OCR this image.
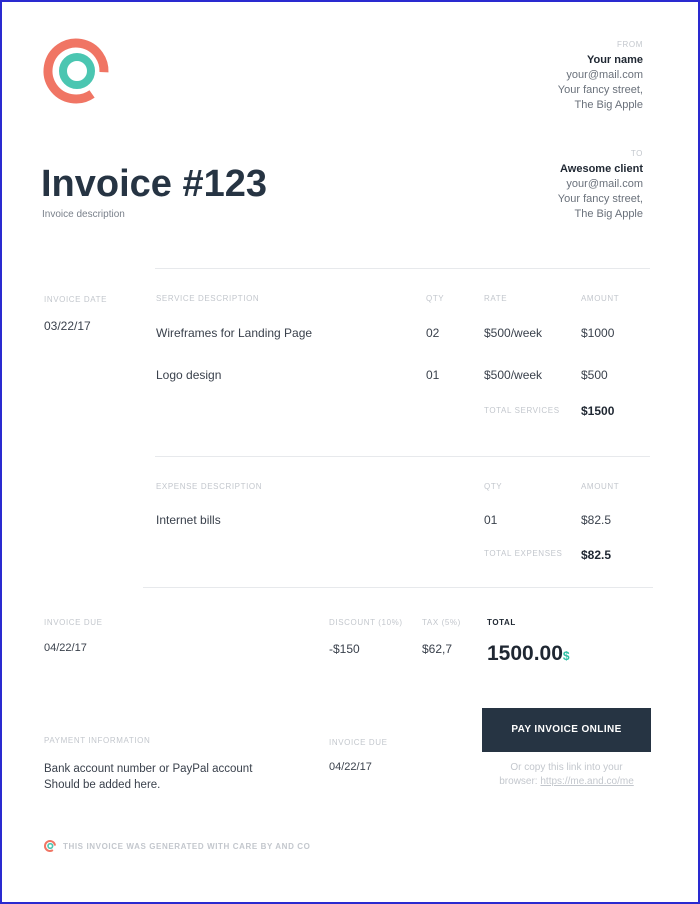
FROM
Your name
your@mail.com
Your fancy street,
The Big Apple
TO
Awesome client
your@mail.com
Your fancy street,
The Big Apple
Invoice #123
Invoice description
INVOICE DATE
03/22/17
SERVICE DESCRIPTION	QTY	RATE	AMOUNT
Wireframes for Landing Page	02	$500/week	$1000
Logo design	01	$500/week	$500
TOTAL SERVICES $1500
EXPENSE DESCRIPTION	QTY	AMOUNT
Internet bills	01	$82.5
TOTAL EXPENSES $82.5
INVOICE DUE
04/22/17
DISCOUNT (10%)
-$150
TAX (5%)
$62,7
TOTAL
1500.00$
PAYMENT INFORMATION
Bank account number or PayPal account
Should be added here.
INVOICE DUE
04/22/17
PAY INVOICE ONLINE
Or copy this link into your
browser: https://me.and.co/me
THIS INVOICE WAS GENERATED WITH CARE BY AND CO
